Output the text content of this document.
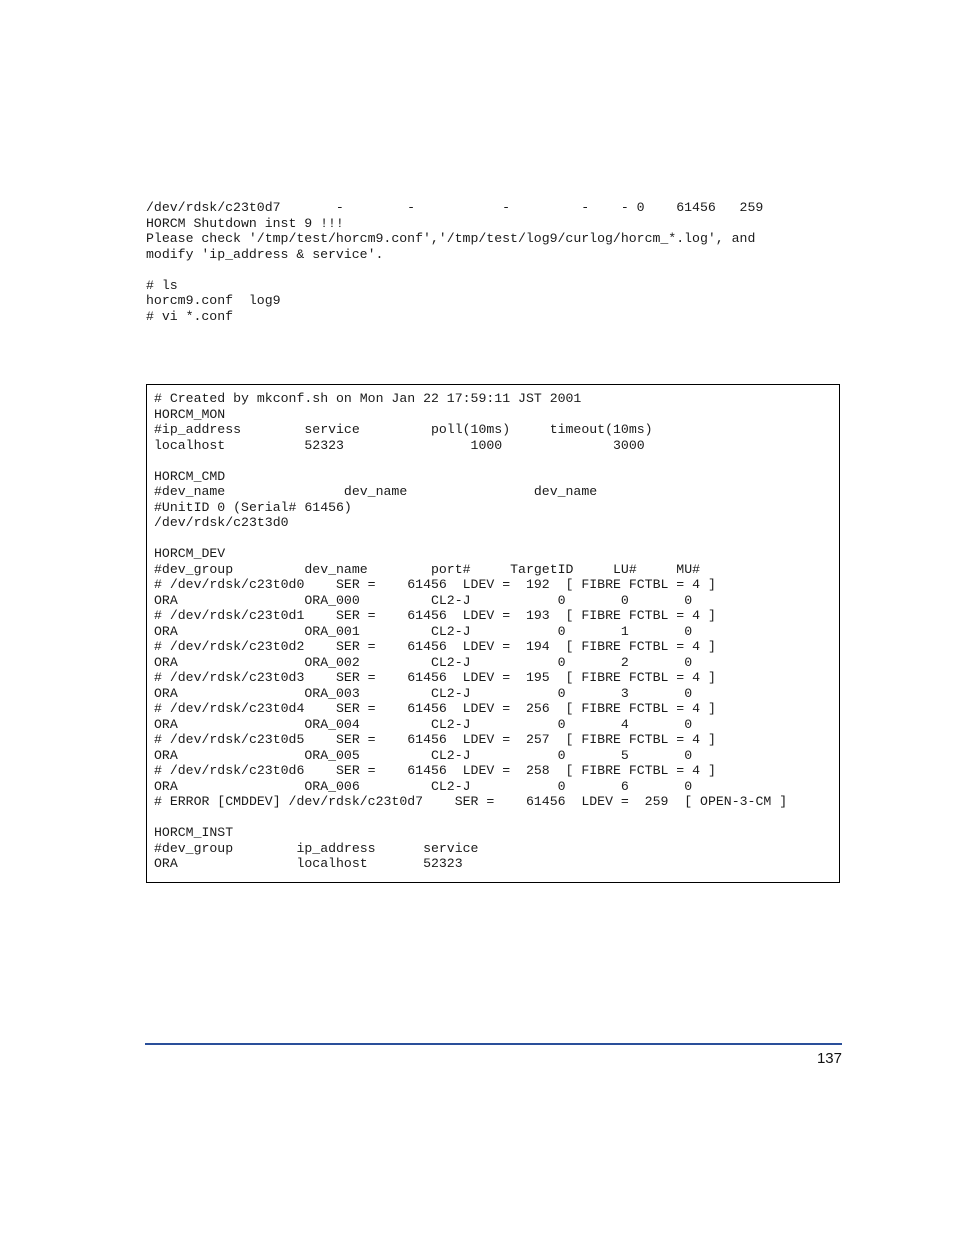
/dev/rdsk/c23t0d7       -        -           -         -    - 0    61456   259
HORCM Shutdown inst 9 !!!
Please check '/tmp/test/horcm9.conf','/tmp/test/log9/curlog/horcm_*.log', and
modify 'ip_address & service'.
# ls
horcm9.conf  log9
# vi *.conf
# Created by mkconf.sh on Mon Jan 22 17:59:11 JST 2001
HORCM_MON
#ip_address        service         poll(10ms)     timeout(10ms)
localhost          52323                1000              3000
HORCM_CMD
#dev_name               dev_name                dev_name
#UnitID 0 (Serial# 61456)
/dev/rdsk/c23t3d0
HORCM_DEV
#dev_group         dev_name        port#     TargetID     LU#     MU#
# /dev/rdsk/c23t0d0    SER =    61456  LDEV =  192  [ FIBRE FCTBL = 4 ]
ORA                ORA_000         CL2-J           0       0       0
# /dev/rdsk/c23t0d1    SER =    61456  LDEV =  193  [ FIBRE FCTBL = 4 ]
ORA                ORA_001         CL2-J           0       1       0
# /dev/rdsk/c23t0d2    SER =    61456  LDEV =  194  [ FIBRE FCTBL = 4 ]
ORA                ORA_002         CL2-J           0       2       0
# /dev/rdsk/c23t0d3    SER =    61456  LDEV =  195  [ FIBRE FCTBL = 4 ]
ORA                ORA_003         CL2-J           0       3       0
# /dev/rdsk/c23t0d4    SER =    61456  LDEV =  256  [ FIBRE FCTBL = 4 ]
ORA                ORA_004         CL2-J           0       4       0
# /dev/rdsk/c23t0d5    SER =    61456  LDEV =  257  [ FIBRE FCTBL = 4 ]
ORA                ORA_005         CL2-J           0       5       0
# /dev/rdsk/c23t0d6    SER =    61456  LDEV =  258  [ FIBRE FCTBL = 4 ]
ORA                ORA_006         CL2-J           0       6       0
# ERROR [CMDDEV] /dev/rdsk/c23t0d7    SER =    61456  LDEV =  259  [ OPEN-3-CM ]
HORCM_INST
#dev_group        ip_address      service
ORA               localhost       52323
137
